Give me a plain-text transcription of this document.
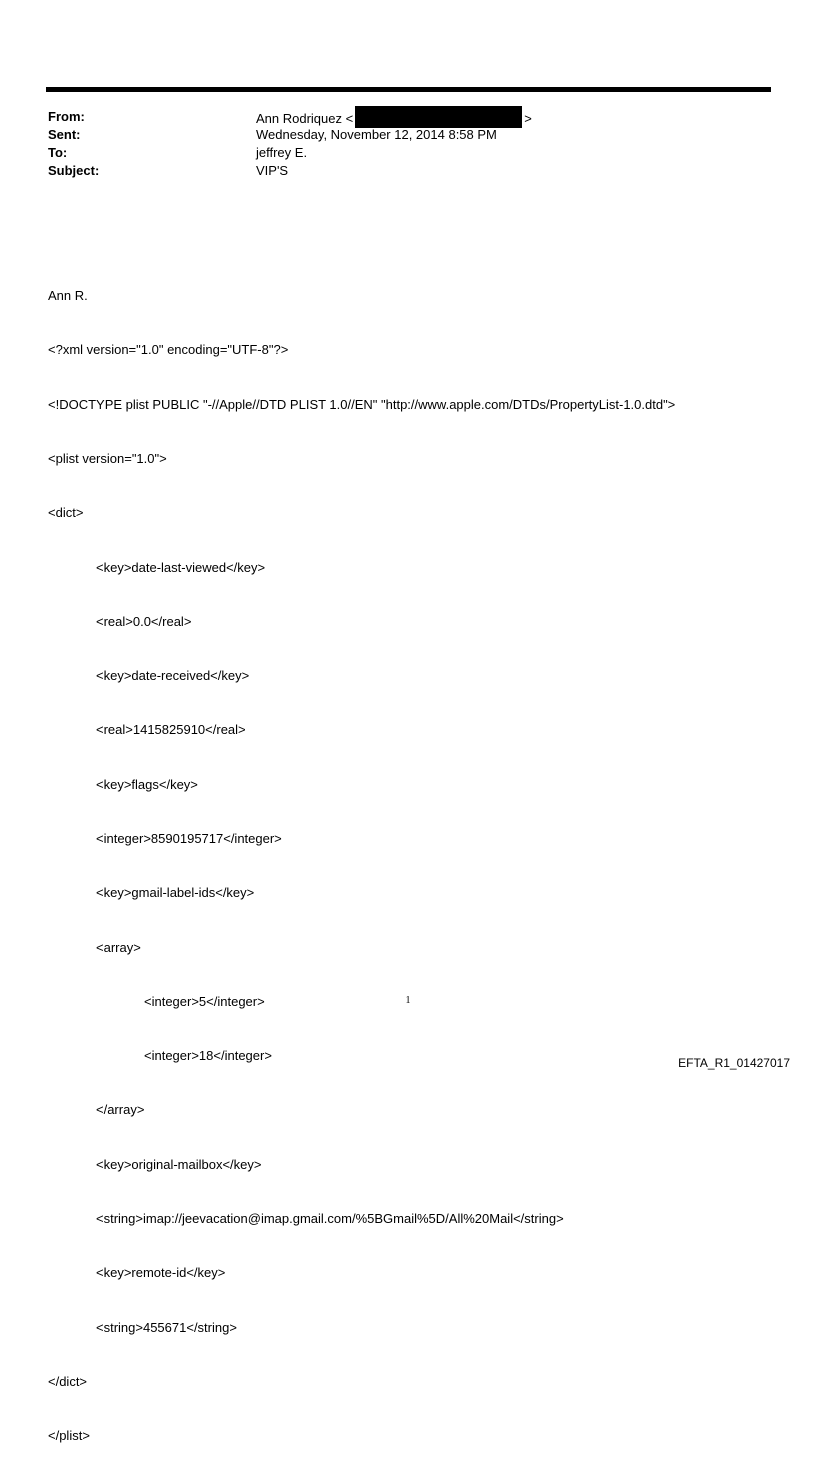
From:	Ann Rodriquez <	>
Sent:	Wednesday, November 12, 2014 8:58 PM
To:	jeffrey E.
Subject:	VIP'S

Ann R.

<?xml version="1.0" encoding="UTF-8"?>

<!DOCTYPE plist PUBLIC "-//Apple//DTD PLIST 1.0//EN" "http://www.apple.com/DTDs/PropertyList-1.0.dtd">

<plist version="1.0">

<dict>

<key>date-last-viewed</key>

<real>0.0</real>

<key>date-received</key>

<real>1415825910</real>

<key>flags</key>

<integer>8590195717</integer>

<key>gmail-label-ids</key>

<array>

<integer>5</integer>

<integer>18</integer>

</array>

<key>original-mailbox</key>

<string>imap://jeevacation@imap.gmail.com/%5BGmail%5D/All%20Mail</string>

<key>remote-id</key>

<string>455671</string>

</dict>

</plist>

1
EFTA_R1_01427017
